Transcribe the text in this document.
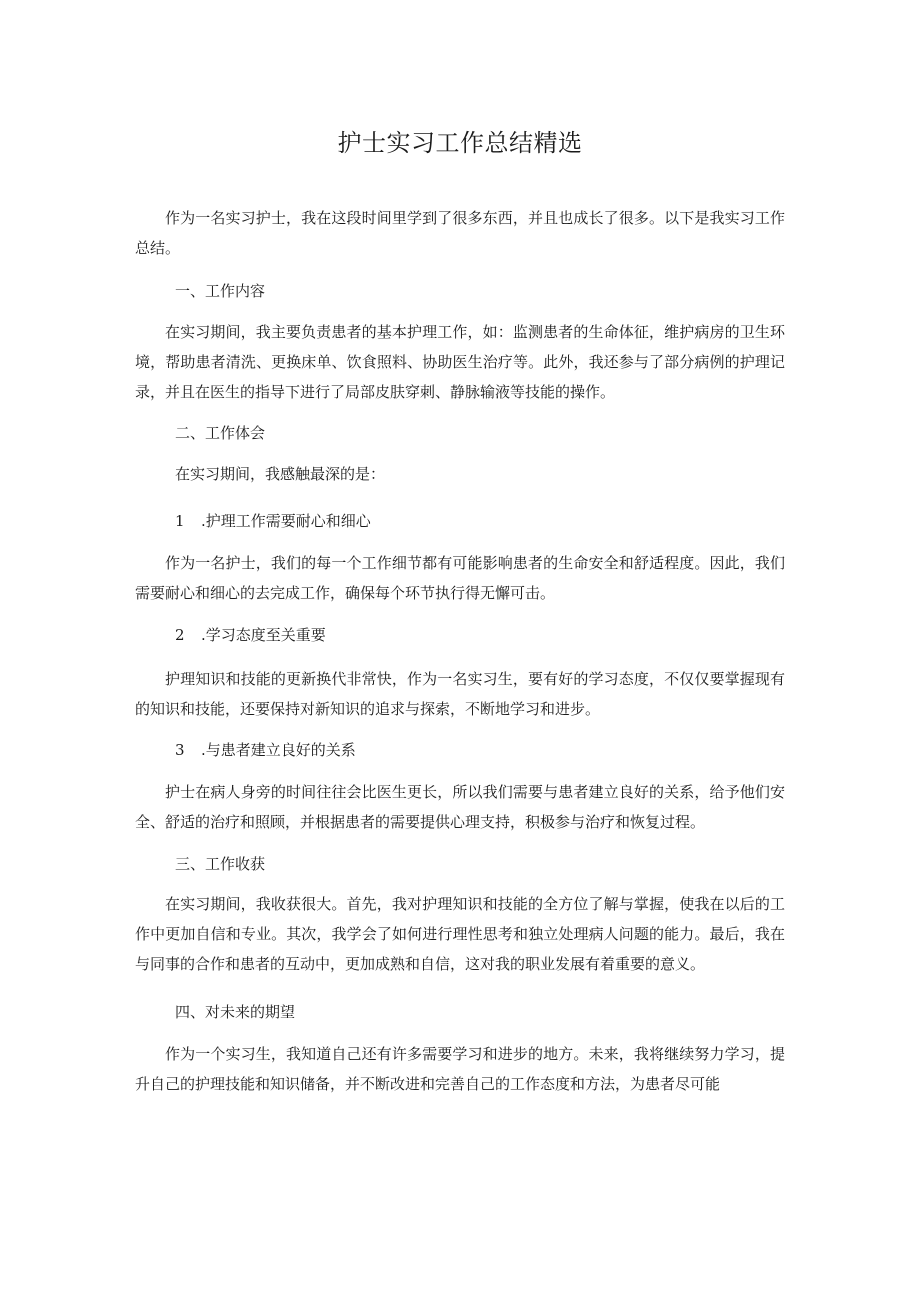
护士实习工作总结精选

作为一名实习护士，我在这段时间里学到了很多东西，并且也成长了很多。以下是我实习工作总结。

一、工作内容

在实习期间，我主要负责患者的基本护理工作，如：监测患者的生命体征，维护病房的卫生环境，帮助患者清洗、更换床单、饮食照料、协助医生治疗等。此外，我还参与了部分病例的护理记录，并且在医生的指导下进行了局部皮肤穿刺、静脉输液等技能的操作。

二、工作体会

在实习期间，我感触最深的是：

1 .护理工作需要耐心和细心

作为一名护士，我们的每一个工作细节都有可能影响患者的生命安全和舒适程度。因此，我们需要耐心和细心的去完成工作，确保每个环节执行得无懈可击。

2 .学习态度至关重要

护理知识和技能的更新换代非常快，作为一名实习生，要有好的学习态度，不仅仅要掌握现有的知识和技能，还要保持对新知识的追求与探索，不断地学习和进步。

3 .与患者建立良好的关系

护士在病人身旁的时间往往会比医生更长，所以我们需要与患者建立良好的关系，给予他们安全、舒适的治疗和照顾，并根据患者的需要提供心理支持，积极参与治疗和恢复过程。

三、工作收获

在实习期间，我收获很大。首先，我对护理知识和技能的全方位了解与掌握，使我在以后的工作中更加自信和专业。其次，我学会了如何进行理性思考和独立处理病人问题的能力。最后，我在与同事的合作和患者的互动中，更加成熟和自信，这对我的职业发展有着重要的意义。

四、对未来的期望

作为一个实习生，我知道自己还有许多需要学习和进步的地方。未来，我将继续努力学习，提升自己的护理技能和知识储备，并不断改进和完善自己的工作态度和方法，为患者尽可能
